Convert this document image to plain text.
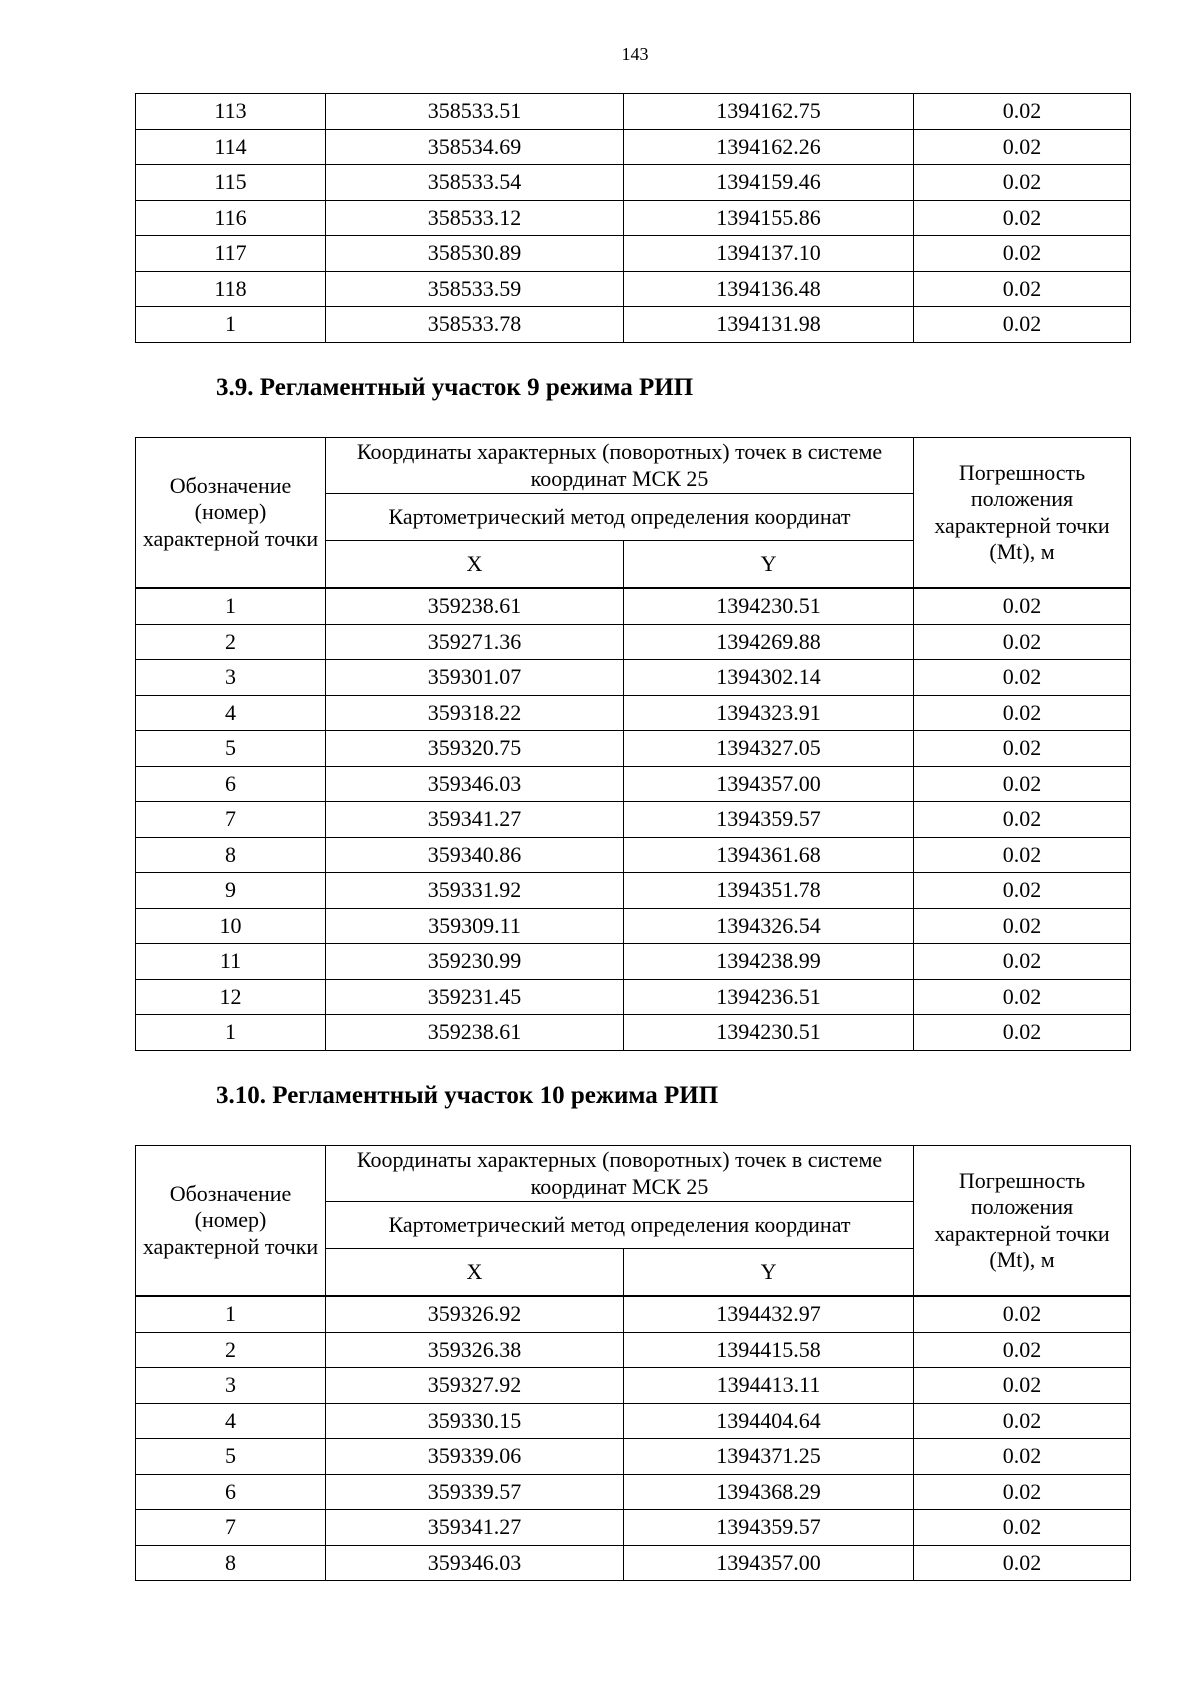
143
113	358533.51	1394162.75	0.02
114	358534.69	1394162.26	0.02
115	358533.54	1394159.46	0.02
116	358533.12	1394155.86	0.02
117	358530.89	1394137.10	0.02
118	358533.59	1394136.48	0.02
1	358533.78	1394131.98	0.02
3.9. Регламентный участок 9 режима РИП
Обозначение (номер) характерной точки	Координаты характерных (поворотных) точек в системе координат МСК 25		Погрешность положения характерной точки (Mt), м
	Картометрический метод определения координат		
	X	Y	
1	359238.61	1394230.51	0.02
2	359271.36	1394269.88	0.02
3	359301.07	1394302.14	0.02
4	359318.22	1394323.91	0.02
5	359320.75	1394327.05	0.02
6	359346.03	1394357.00	0.02
7	359341.27	1394359.57	0.02
8	359340.86	1394361.68	0.02
9	359331.92	1394351.78	0.02
10	359309.11	1394326.54	0.02
11	359230.99	1394238.99	0.02
12	359231.45	1394236.51	0.02
1	359238.61	1394230.51	0.02
3.10. Регламентный участок 10 режима РИП
Обозначение (номер) характерной точки	Координаты характерных (поворотных) точек в системе координат МСК 25		Погрешность положения характерной точки (Mt), м
	Картометрический метод определения координат		
	X	Y	
1	359326.92	1394432.97	0.02
2	359326.38	1394415.58	0.02
3	359327.92	1394413.11	0.02
4	359330.15	1394404.64	0.02
5	359339.06	1394371.25	0.02
6	359339.57	1394368.29	0.02
7	359341.27	1394359.57	0.02
8	359346.03	1394357.00	0.02
